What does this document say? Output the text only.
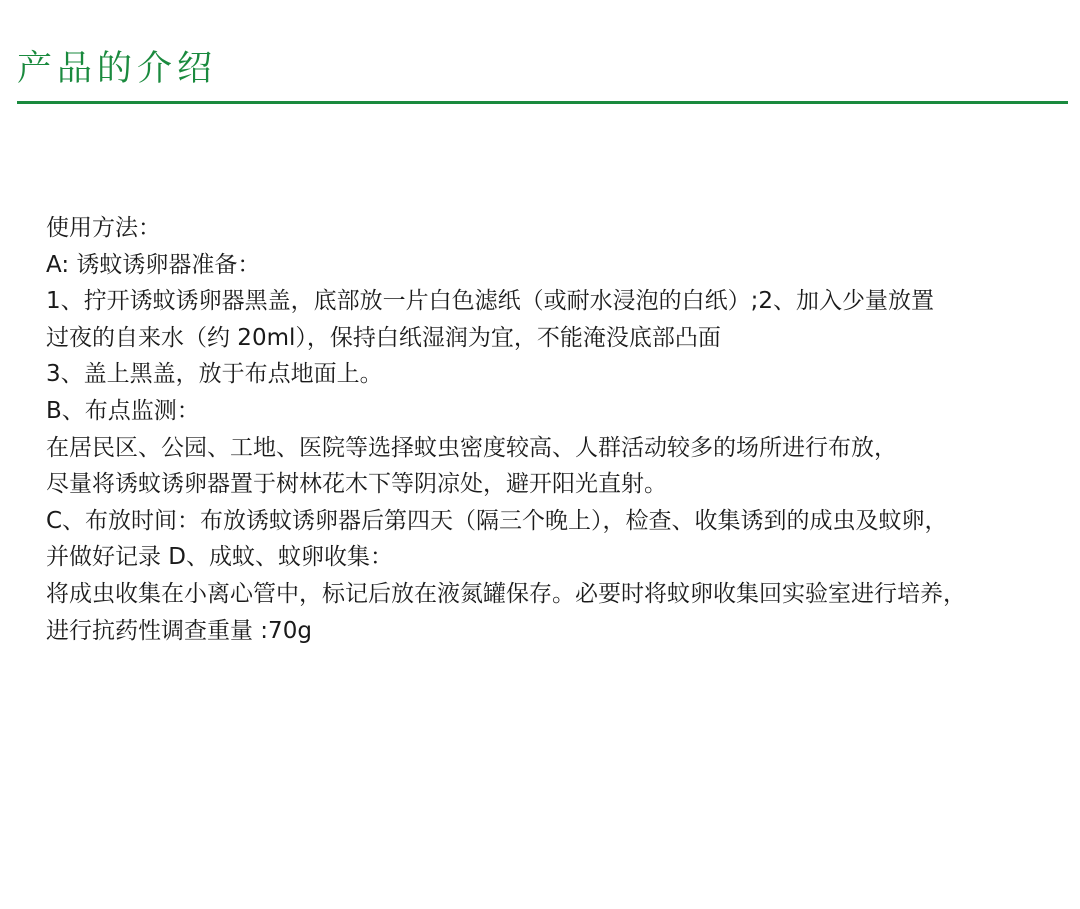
产品的介绍

使用方法：

A: 诱蚊诱卵器准备：

1、拧开诱蚊诱卵器黑盖，底部放一片白色滤纸（或耐水浸泡的白纸）;2、加入少量放置

过夜的自来水（约 20ml），保持白纸湿润为宜，不能淹没底部凸面

3、盖上黑盖，放于布点地面上。

B、布点监测：

在居民区、公园、工地、医院等选择蚊虫密度较高、人群活动较多的场所进行布放，

尽量将诱蚊诱卵器置于树林花木下等阴凉处，避开阳光直射。

C、布放时间：布放诱蚊诱卵器后第四天（隔三个晚上），检查、收集诱到的成虫及蚊卵，

并做好记录 D、成蚊、蚊卵收集：

将成虫收集在小离心管中，标记后放在液氮罐保存。必要时将蚊卵收集回实验室进行培养，

进行抗药性调查重量 :70g
